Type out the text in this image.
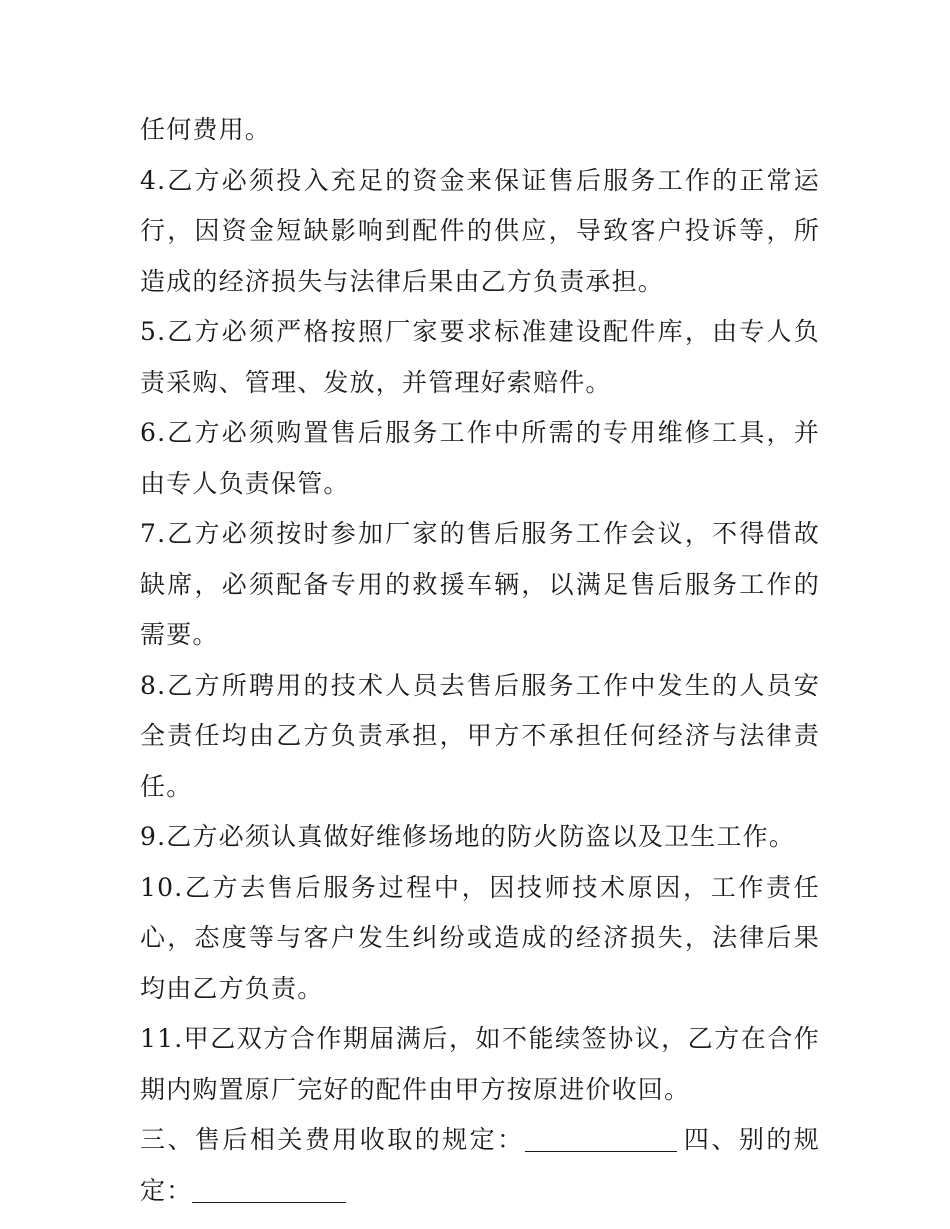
任何费用。

4.乙方必须投入充足的资金来保证售后服务工作的正常运行，因资金短缺影响到配件的供应，导致客户投诉等，所造成的经济损失与法律后果由乙方负责承担。

5.乙方必须严格按照厂家要求标准建设配件库，由专人负责采购、管理、发放，并管理好索赔件。

6.乙方必须购置售后服务工作中所需的专用维修工具，并由专人负责保管。

7.乙方必须按时参加厂家的售后服务工作会议，不得借故缺席，必须配备专用的救援车辆，以满足售后服务工作的需要。

8.乙方所聘用的技术人员去售后服务工作中发生的人员安全责任均由乙方负责承担，甲方不承担任何经济与法律责任。

9.乙方必须认真做好维修场地的防火防盗以及卫生工作。

10.乙方去售后服务过程中，因技师技术原因，工作责任心，态度等与客户发生纠纷或造成的经济损失，法律后果均由乙方负责。

11.甲乙双方合作期届满后，如不能续签协议，乙方在合作期内购置原厂完好的配件由甲方按原进价收回。

三、售后相关费用收取的规定：	四、别的规定：
